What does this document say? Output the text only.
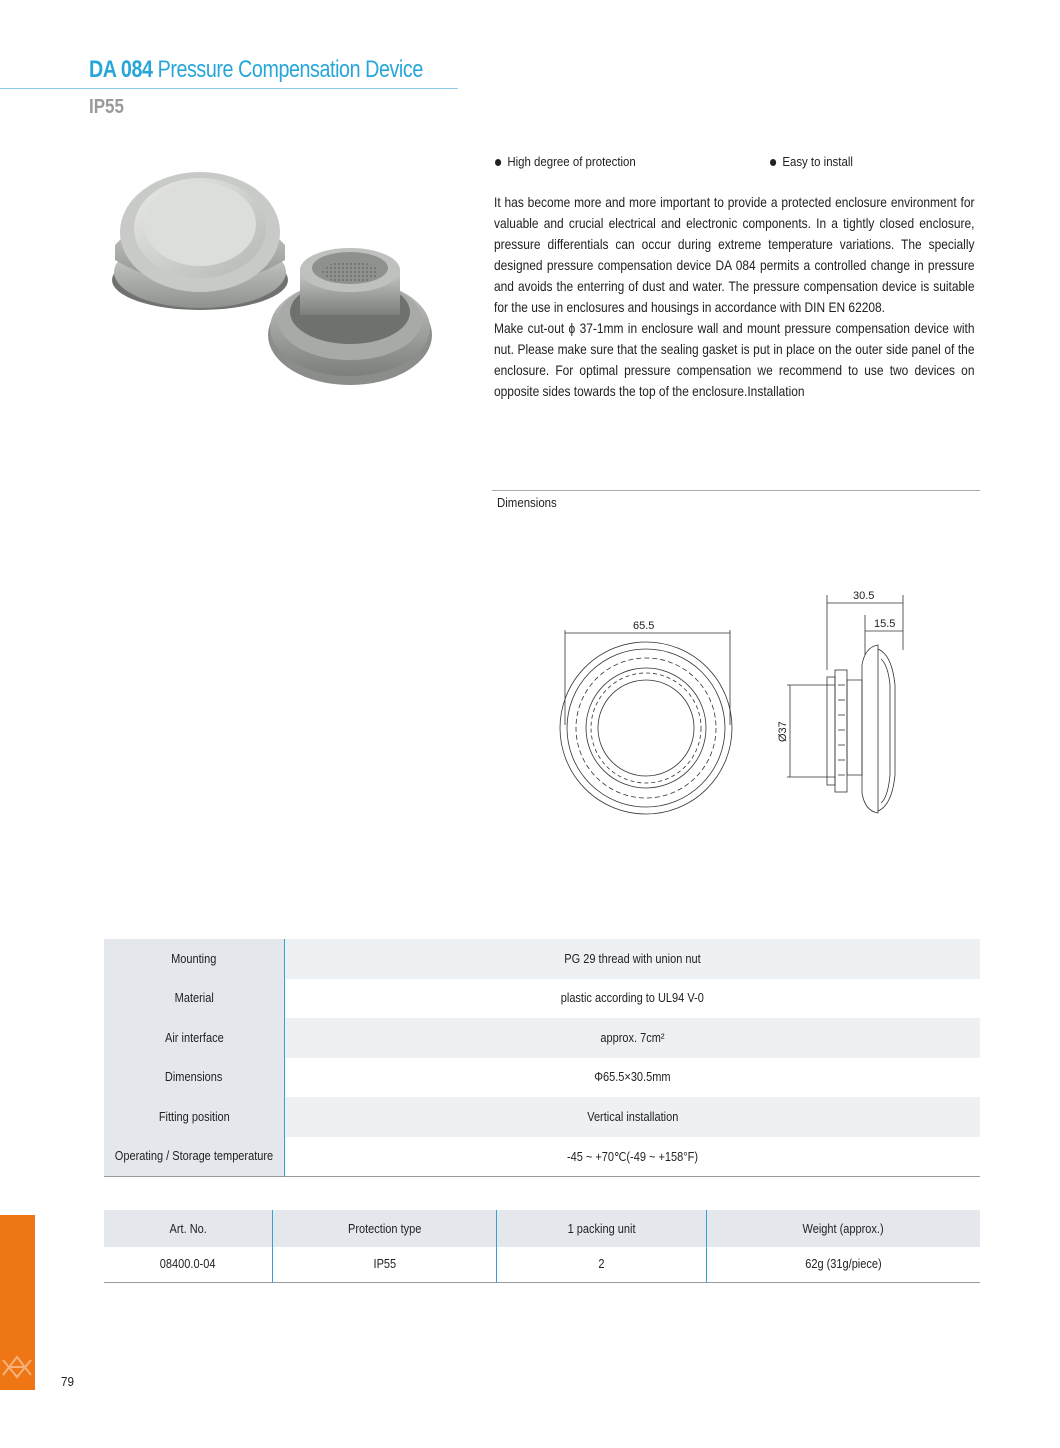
DA 084 Pressure Compensation Device
IP55
High degree of protection	Easy to install

It has become more and more important to provide a protected enclosure environment for valuable and crucial electrical and electronic components. In a tightly closed enclosure, pressure differentials can occur during extreme temperature variations. The specially designed pressure compensation device DA 084 permits a controlled change in pressure and avoids the enterring of dust and water. The pressure compensation device is suitable for the use in enclosures and housings in accordance with DIN EN 62208.

Make cut-out ϕ 37-1mm in enclosure wall and mount pressure compensation device with nut. Please make sure that the sealing gasket is put in place on the outer side panel of the enclosure. For optimal pressure compensation we recommend to use two devices on opposite sides towards the top of the enclosure.Installation

Dimensions
65.5
30.5
15.5
Ø37
Mounting	PG 29 thread with union nut
Material	plastic according to UL94 V-0
Air interface	approx. 7cm²
Dimensions	Φ65.5×30.5mm
Fitting position	Vertical installation
Operating / Storage temperature	-45 ~ +70℃(-49 ~ +158°F)
Art. No.	Protection type	1 packing unit	Weight (approx.)
08400.0-04	IP55	2	62g (31g/piece)
79
